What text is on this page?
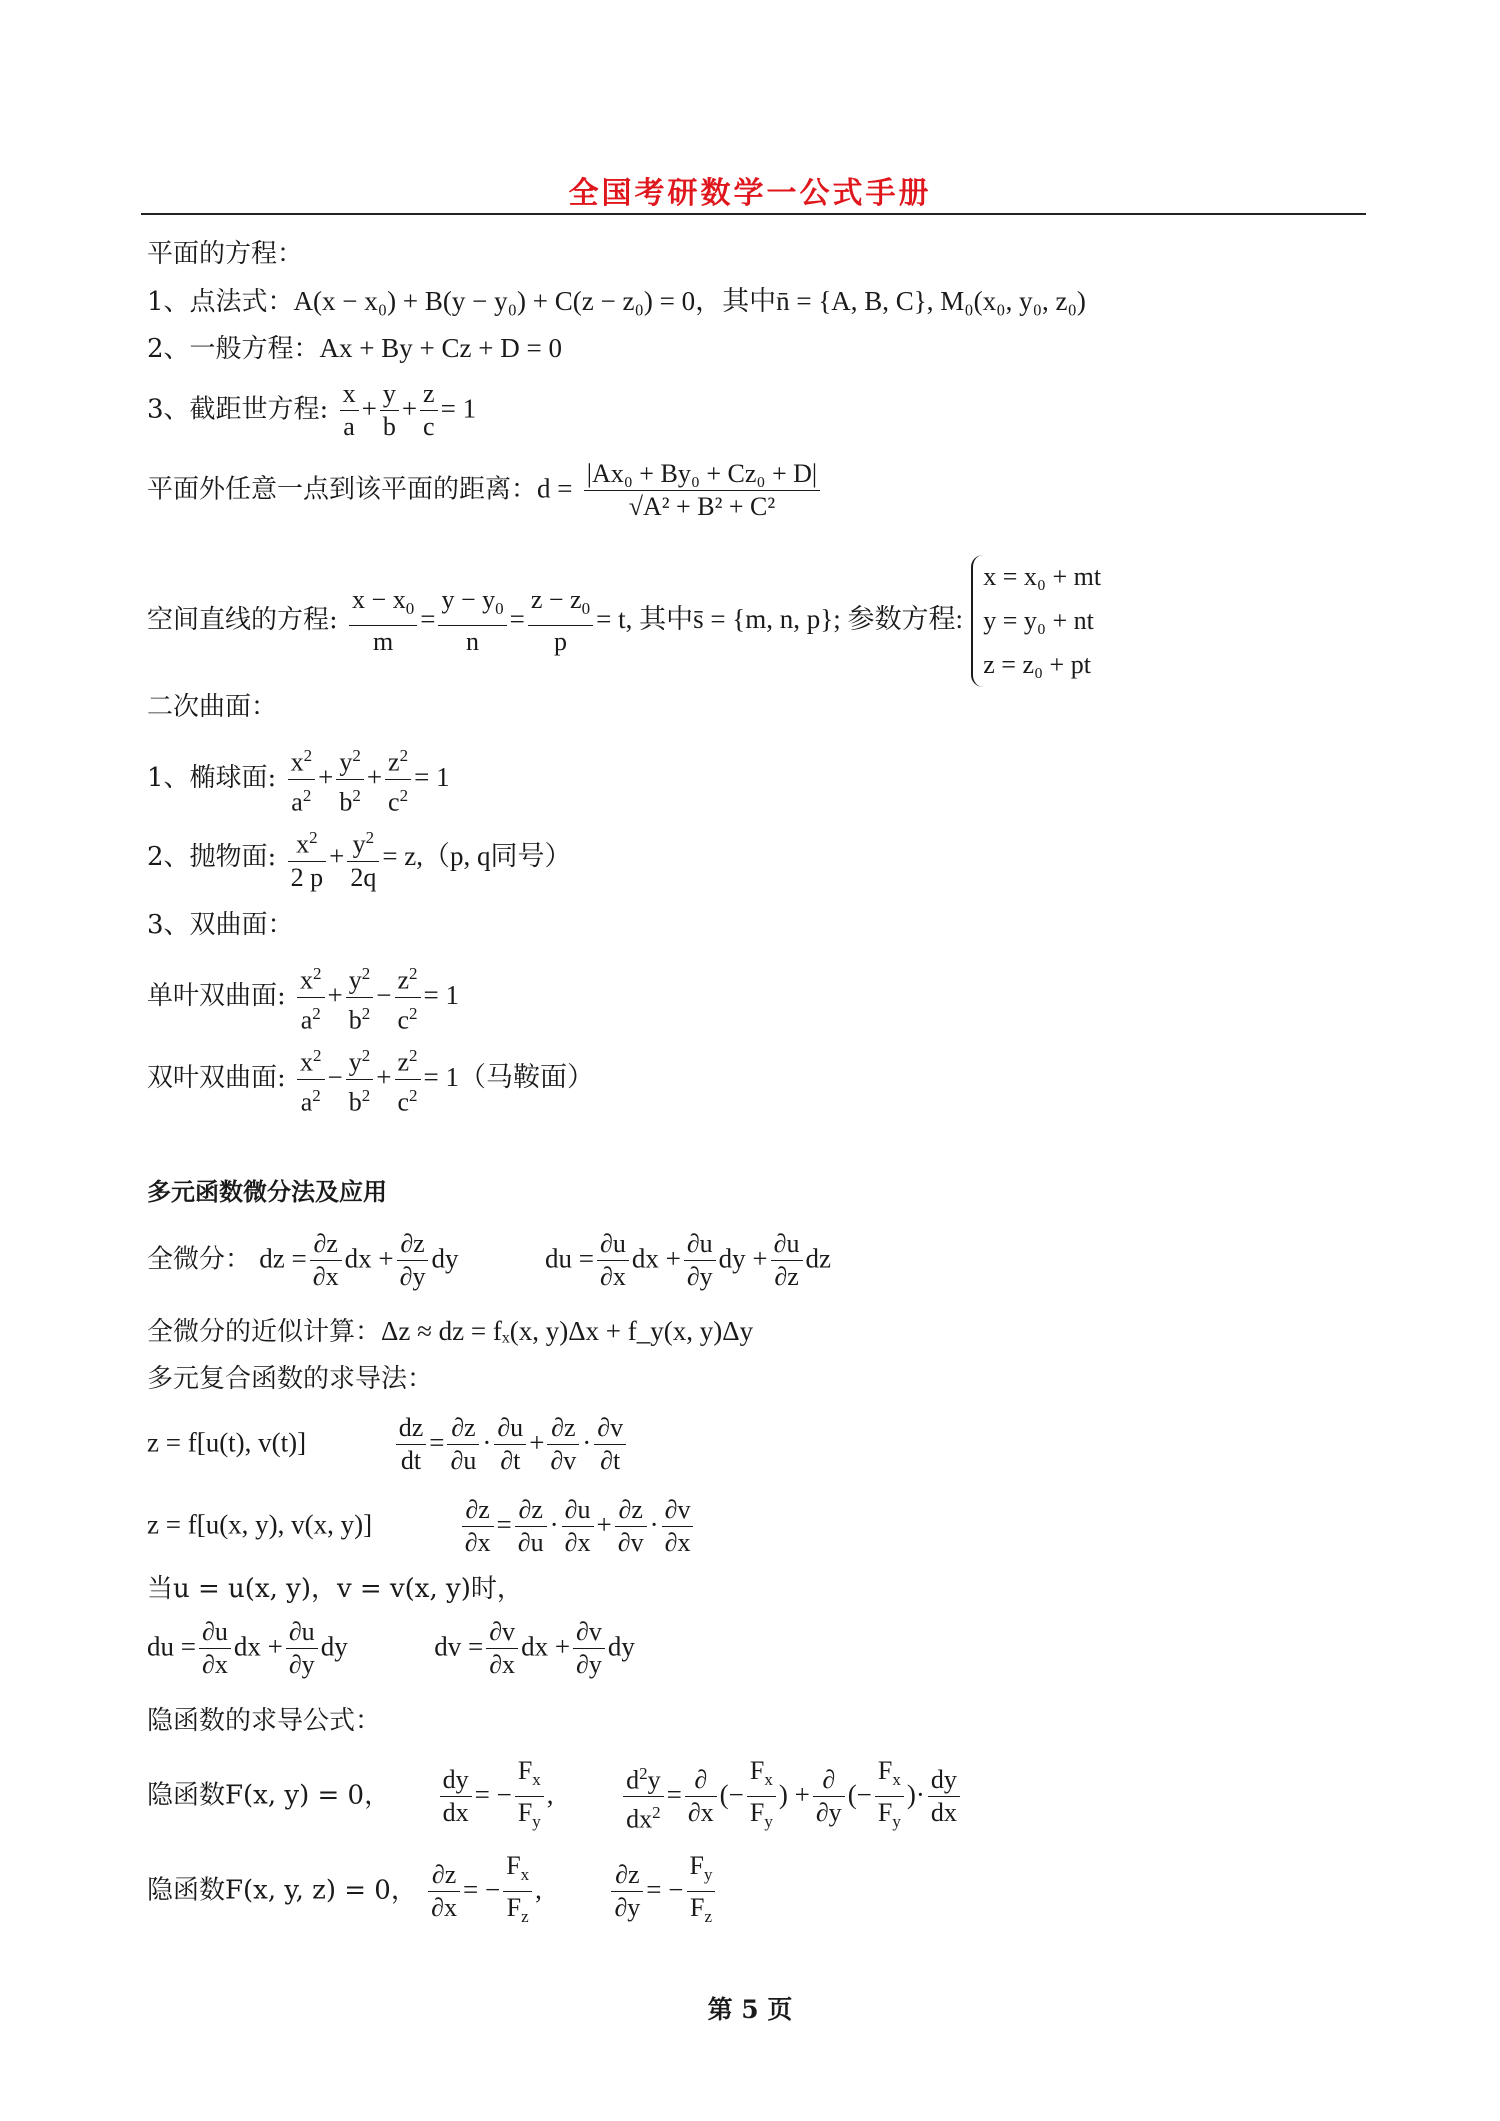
全国考研数学一公式手册
平面的方程：
1、点法式：A(x − x₀) + B(y − y₀) + C(z − z₀) = 0，其中n̄ = {A, B, C}, M₀(x₀, y₀, z₀)
2、一般方程：Ax + By + Cz + D = 0
3、截距世方程: $\frac{x}{a} + \frac{y}{b} + \frac{z}{c} = 1$
平面外任意一点到该平面的距离：$d = \frac{\text{|Ax₀ + By₀ + Cz₀ + D|}}{\text{√A² + B² + C²}}$
空间直线的方程: $\frac{x - x_0}{m} = \frac{y - y_0}{n} = \frac{z - z_0}{p} = t$, 其中s̄ = {m, n, p}; 参数方程:
x = x₀ + mt
y = y₀ + nt
z = z₀ + pt
二次曲面：
1、椭球面: $\frac{x^2}{a^2} + \frac{y^2}{b^2} + \frac{z^2}{c^2} = 1$
2、抛物面: $\frac{x^2}{2 p} + \frac{y^2}{2q} = z,(p$, q同号）
3、双曲面：
单叶双曲面: $\frac{x^2}{a^2} + \frac{y^2}{b^2} - \frac{z^2}{c^2} = 1$
双叶双曲面: $\frac{x^2}{a^2} - \frac{y^2}{b^2} + \frac{z^2}{c^2} = 1$（马鞍面）
多元函数微分法及应用
全微分： dz = $\frac{\partial z}{\partial x}$ dx + $\frac{\partial z}{\partial y}$ dy	du = $\frac{\partial u}{\partial x}$ dx + $\frac{\partial u}{\partial y}$ dy + $\frac{\partial u}{\partial z}$ dz
全微分的近似计算：Δz ≈ dz = fₓ(x, y)Δx + f_y(x, y)Δy
多元复合函数的求导法：
z = f[u(t), v(t)]	$\frac{dz}{dt} = \frac{\partial z}{\partial u} \cdot \frac{\partial u}{\partial t} + \frac{\partial z}{\partial v} \cdot \frac{\partial v}{\partial t}$
z = f[u(x, y), v(x, y)]	$\frac{\partial z}{\partial x} = \frac{\partial z}{\partial u} \cdot \frac{\partial u}{\partial x} + \frac{\partial z}{\partial v} \cdot \frac{\partial v}{\partial x}$
当u = u(x, y)，v = v(x, y)时，
du = $\frac{\partial u}{\partial x}$ dx + $\frac{\partial u}{\partial y}$ dy	dv = $\frac{\partial v}{\partial x}$ dx + $\frac{\partial v}{\partial y}$ dy
隐函数的求导公式：
隐函数F(x, y) = 0， $\frac{dy}{dx}$ = − $\frac{F_x}{F_y}$ ,	$\frac{d^2y}{dx^2} = \frac{\partial}{\partial x}$ (− $\frac{F_x}{F_y}$ ) + $\frac{\partial}{\partial y}$ (− $\frac{F_x}{F_y}$ )· $\frac{dy}{dx}$
隐函数F(x, y, z) = 0， $\frac{\partial z}{\partial x}$ = − $\frac{F_x}{F_z}$ ,	$\frac{\partial z}{\partial y}$ = − $\frac{F_y}{F_z}$
第 5 页
